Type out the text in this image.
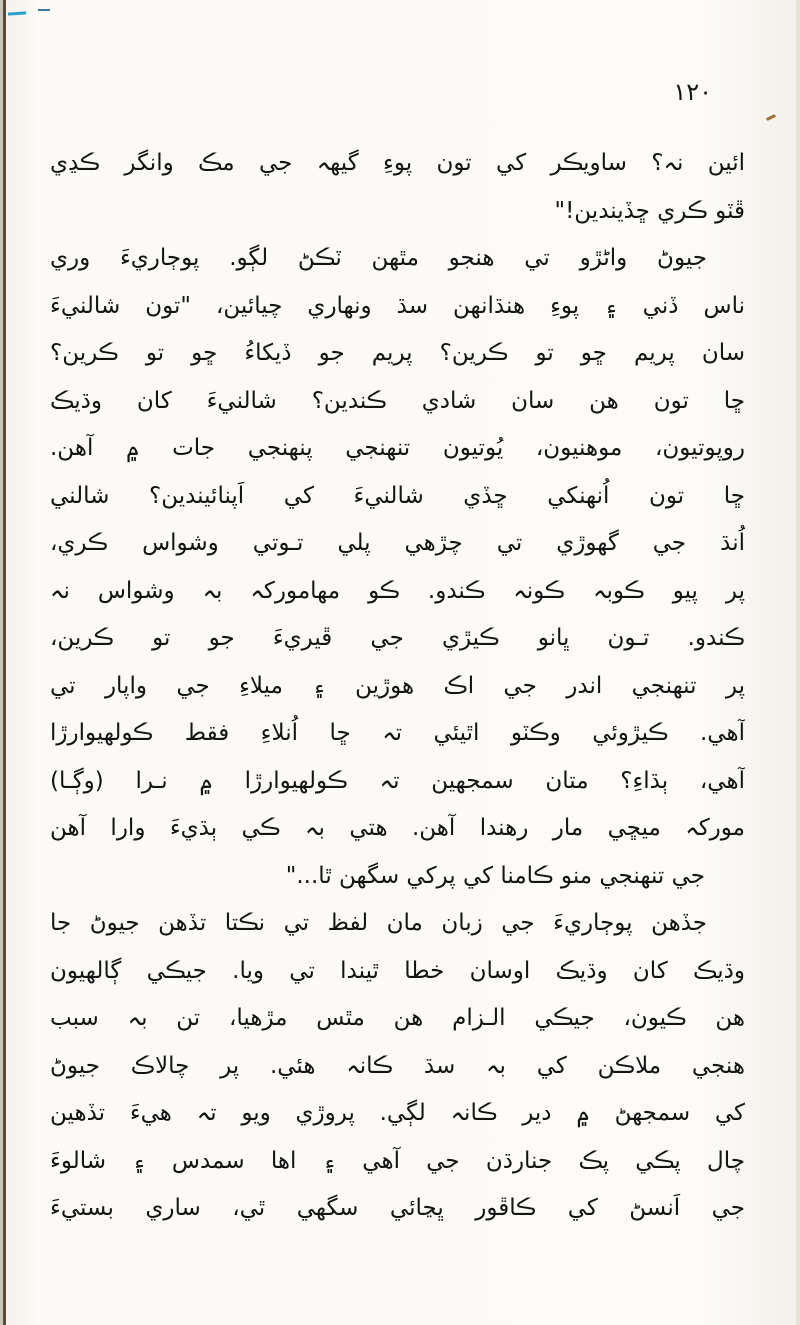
١٢٠
ائين نہ؟ ساويڪر کي تون پوءِ گيهہ جي مڪ وانگر ڪڍي
ڦٽو ڪري ڇڏيندين!"
جيوڻ واڻڙو تي هنجو مٿهن ٽڪڻ لڳو. پوڄاريءَ وري
ناس ڏني ۽ پوءِ هنڌانهن سڌ ونهاري چيائين، "تون شالنيءَ
سان پريم ڇو تو ڪرين؟ پريم جو ڏيکاءُ ڇو تو ڪرين؟
ڇا تون هن سان شادي ڪندين؟ شالنيءَ کان وڌيڪ
روپوتيون، موهنيون، يُوتيون تنهنجي پنهنجي جات ۾ آهن.
ڇا تون اُنهنکي ڇڏي شالنيءَ کي اَپنائيندين؟ شالني
اُنڌ جي گهوڙي تي چڙهي پلي تـوتي وشواس ڪري،
پر پيو ڪوبہ ڪونہ ڪندو. ڪو مهامورکہ بہ وشواس نہ
ڪندو. تـون ڀانو ڪيڙي جي ڦيريءَ جو تو ڪرين،
پر تنهنجي اندر جي اڪ هوڙين ۽ ميلاءِ جي واپار تي
آهي. ڪيڙوئي وڪٽو اٿيئي تہ ڇا اُنلاءِ فقط ڪولهيوارڙا
آهي، ٻڌاءِ؟ متان سمجهين تہ ڪولهيوارڙا ۾ نـرا (وڳـا)
مورکہ ميڇي مار رهندا آهن. هتي بہ ڪي ٻڌيءَ وارا آهن
جي تنهنجي منو ڪامنا کي پرکي سگهن ٿا..."
جڏهن پوڄاريءَ جي زبان مان لفظ تي نڪتا تڏهن جيوڻ جا
وڌيڪ کان وڌيڪ اوسان خطا ٿيندا تي ويا. جيڪي ڳالهيون
هن ڪيون، جيڪي الـزام هن مٿس مڙهيا، تن بہ سبب
هنجي ملاڪن کي بہ سڌ ڪانہ هئي. پر چالاڪ جيوڻ
کي سمجهڻ ۾ دير ڪانہ لڳي. پروڙي ويو تہ هيءَ تڏهين
چال پڪي پڪ جنارڌن جي آهي ۽ اها سمدس ۽ شالوءَ
جي اَنسڻ کي ڪاڦور ڀڃائي سگهي ٿي، ساري بستيءَ
